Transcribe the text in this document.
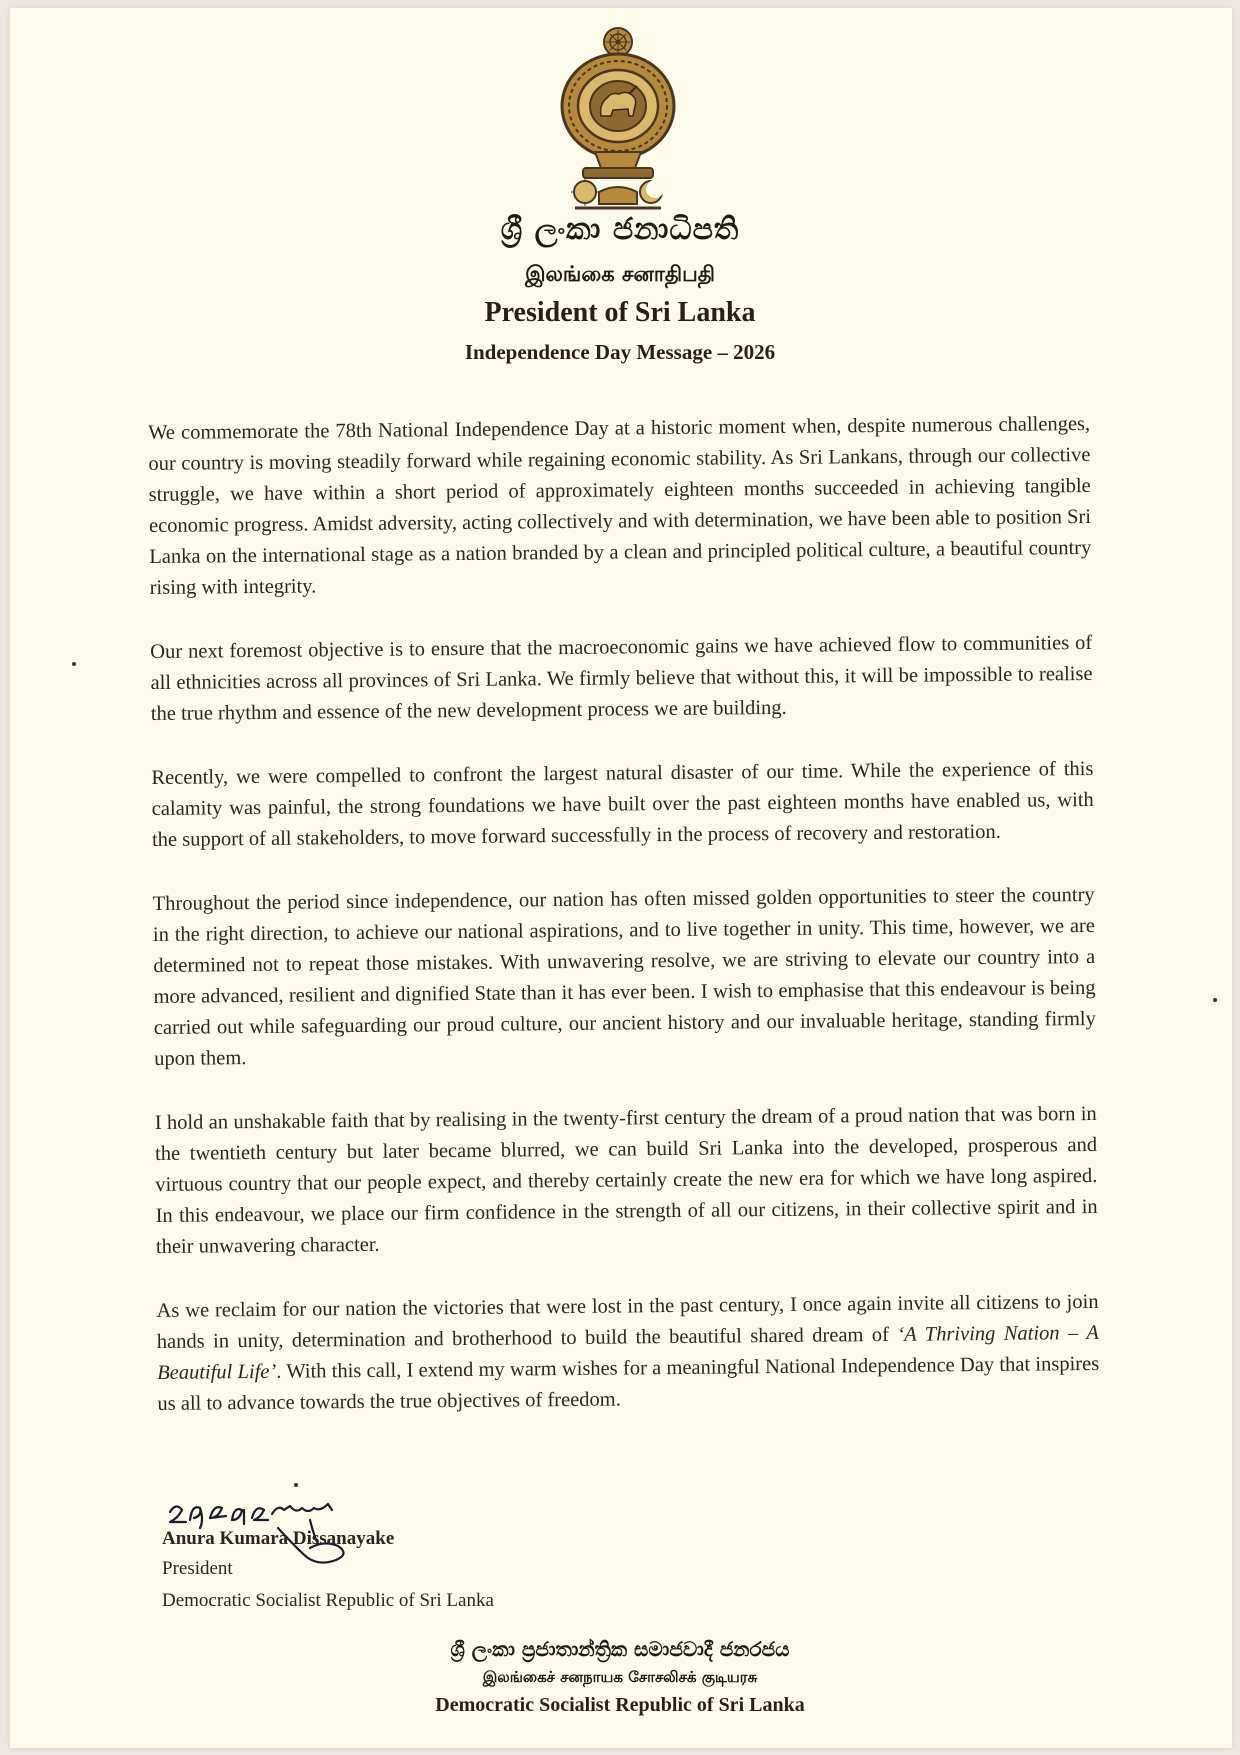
ශ්‍රී ලංකා ජනාධිපති
இலங்கை சனாதிபதி
President of Sri Lanka
Independence Day Message – 2026

We commemorate the 78th National Independence Day at a historic moment when, despite numerous challenges, our country is moving steadily forward while regaining economic stability. As Sri Lankans, through our collective struggle, we have within a short period of approximately eighteen months succeeded in achieving tangible economic progress. Amidst adversity, acting collectively and with determination, we have been able to position Sri Lanka on the international stage as a nation branded by a clean and principled political culture, a beautiful country rising with integrity.

Our next foremost objective is to ensure that the macroeconomic gains we have achieved flow to communities of all ethnicities across all provinces of Sri Lanka. We firmly believe that without this, it will be impossible to realise the true rhythm and essence of the new development process we are building.

Recently, we were compelled to confront the largest natural disaster of our time. While the experience of this calamity was painful, the strong foundations we have built over the past eighteen months have enabled us, with the support of all stakeholders, to move forward successfully in the process of recovery and restoration.

Throughout the period since independence, our nation has often missed golden opportunities to steer the country in the right direction, to achieve our national aspirations, and to live together in unity. This time, however, we are determined not to repeat those mistakes. With unwavering resolve, we are striving to elevate our country into a more advanced, resilient and dignified State than it has ever been. I wish to emphasise that this endeavour is being carried out while safeguarding our proud culture, our ancient history and our invaluable heritage, standing firmly upon them.

I hold an unshakable faith that by realising in the twenty-first century the dream of a proud nation that was born in the twentieth century but later became blurred, we can build Sri Lanka into the developed, prosperous and virtuous country that our people expect, and thereby certainly create the new era for which we have long aspired. In this endeavour, we place our firm confidence in the strength of all our citizens, in their collective spirit and in their unwavering character.

As we reclaim for our nation the victories that were lost in the past century, I once again invite all citizens to join hands in unity, determination and brotherhood to build the beautiful shared dream of ‘A Thriving Nation – A Beautiful Life’. With this call, I extend my warm wishes for a meaningful National Independence Day that inspires us all to advance towards the true objectives of freedom.

Anura Kumara Dissanayake
President
Democratic Socialist Republic of Sri Lanka
ශ්‍රී ලංකා ප්‍රජාතාන්ත්‍රික සමාජවාදී ජනරජය
இலங்கைச் சனநாயக சோசலிசக் குடியரசு
Democratic Socialist Republic of Sri Lanka
